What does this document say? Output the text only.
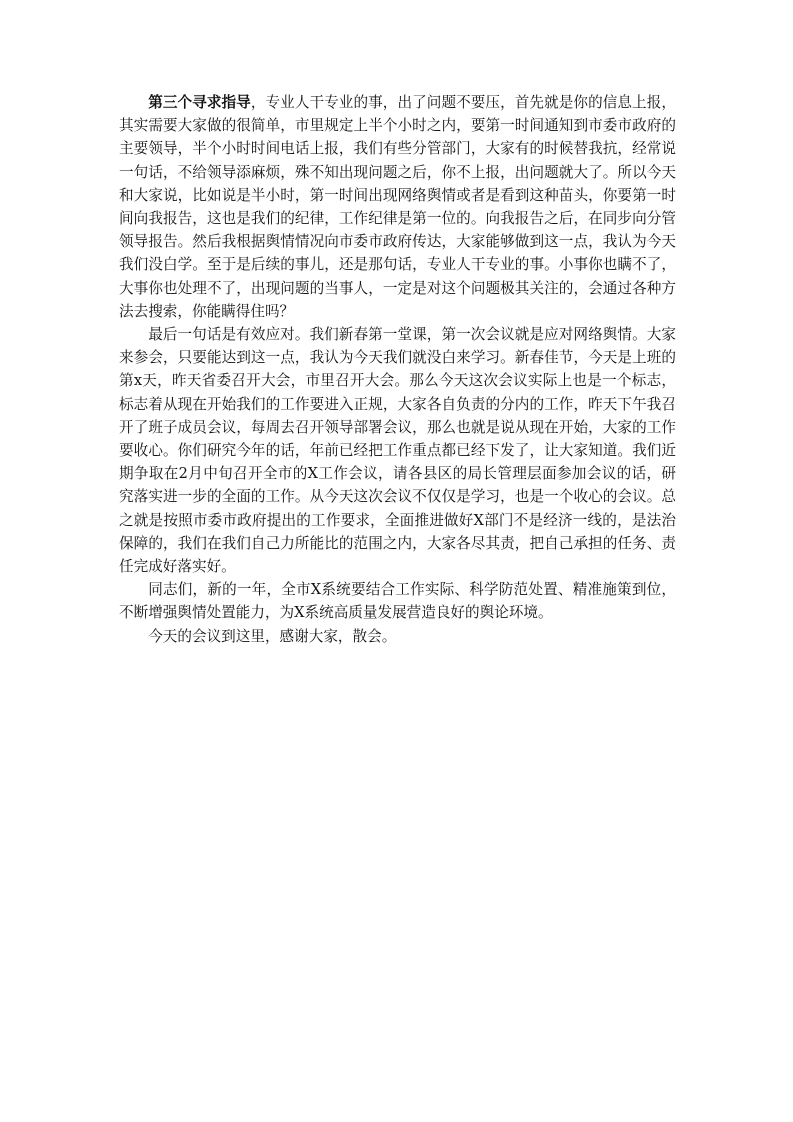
第三个寻求指导，专业人干专业的事，出了问题不要压，首先就是你的信息上报，其实需要大家做的很简单，市里规定上半个小时之内，要第一时间通知到市委市政府的主要领导，半个小时时间电话上报，我们有些分管部门，大家有的时候替我抗，经常说一句话，不给领导添麻烦，殊不知出现问题之后，你不上报，出问题就大了。所以今天和大家说，比如说是半小时，第一时间出现网络舆情或者是看到这种苗头，你要第一时间向我报告，这也是我们的纪律，工作纪律是第一位的。向我报告之后，在同步向分管领导报告。然后我根据舆情情况向市委市政府传达，大家能够做到这一点，我认为今天我们没白学。至于是后续的事儿，还是那句话，专业人干专业的事。小事你也瞒不了，大事你也处理不了，出现问题的当事人，一定是对这个问题极其关注的，会通过各种方法去搜索，你能瞒得住吗？

最后一句话是有效应对。我们新春第一堂课，第一次会议就是应对网络舆情。大家来参会，只要能达到这一点，我认为今天我们就没白来学习。新春佳节，今天是上班的第x天，昨天省委召开大会，市里召开大会。那么今天这次会议实际上也是一个标志，标志着从现在开始我们的工作要进入正规，大家各自负责的分内的工作，昨天下午我召开了班子成员会议，每周去召开领导部署会议，那么也就是说从现在开始，大家的工作要收心。你们研究今年的话，年前已经把工作重点都已经下发了，让大家知道。我们近期争取在2月中旬召开全市的X工作会议，请各县区的局长管理层面参加会议的话，研究落实进一步的全面的工作。从今天这次会议不仅仅是学习，也是一个收心的会议。总之就是按照市委市政府提出的工作要求，全面推进做好X部门不是经济一线的，是法治保障的，我们在我们自己力所能比的范围之内，大家各尽其责，把自己承担的任务、责任完成好落实好。

同志们，新的一年，全市X系统要结合工作实际、科学防范处置、精准施策到位，不断增强舆情处置能力，为X系统高质量发展营造良好的舆论环境。

今天的会议到这里，感谢大家，散会。
